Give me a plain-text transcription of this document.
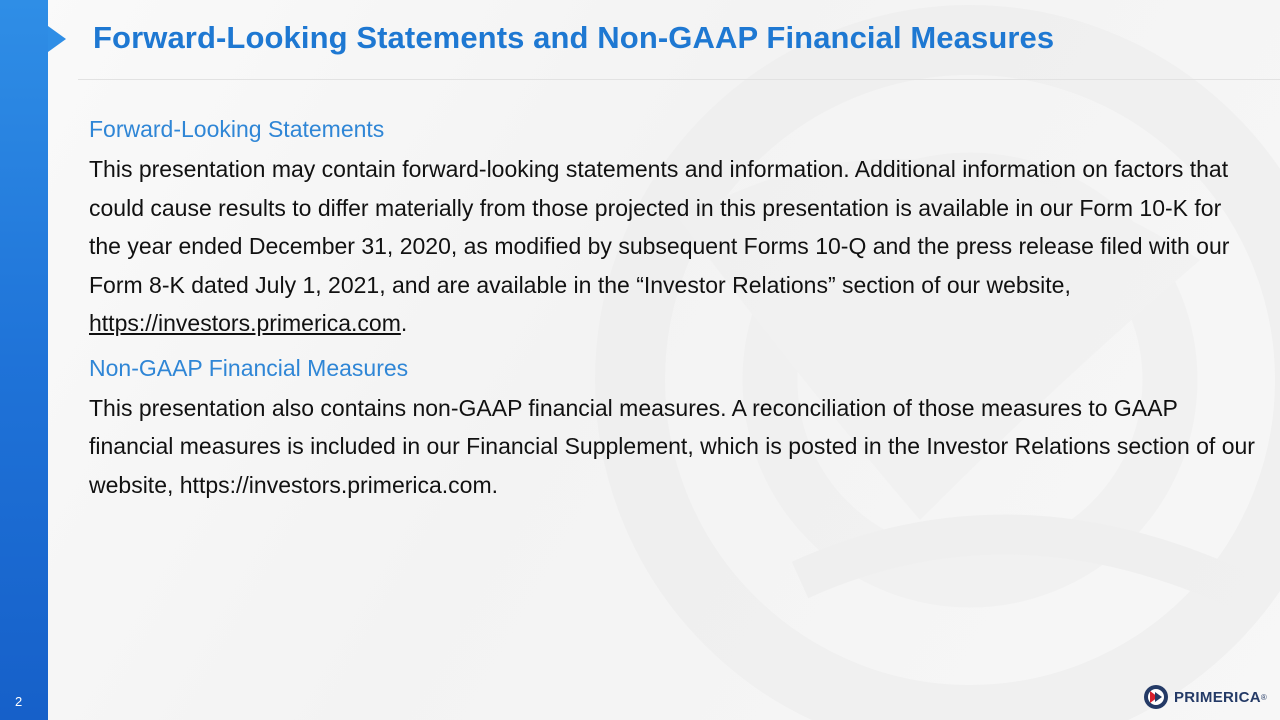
Forward-Looking Statements and Non-GAAP Financial Measures
Forward-Looking Statements

This presentation may contain forward-looking statements and information. Additional information on factors that could cause results to differ materially from those projected in this presentation is available in our Form 10-K for the year ended December 31, 2020, as modified by subsequent Forms 10-Q and the press release filed with our Form 8-K dated July 1, 2021, and are available in the “Investor Relations” section of our website, https://investors.primerica.com.

Non-GAAP Financial Measures

This presentation also contains non-GAAP financial measures. A reconciliation of those measures to GAAP financial measures is included in our Financial Supplement, which is posted in the Investor Relations section of our website, https://investors.primerica.com.

2	PRIMERICA ®
